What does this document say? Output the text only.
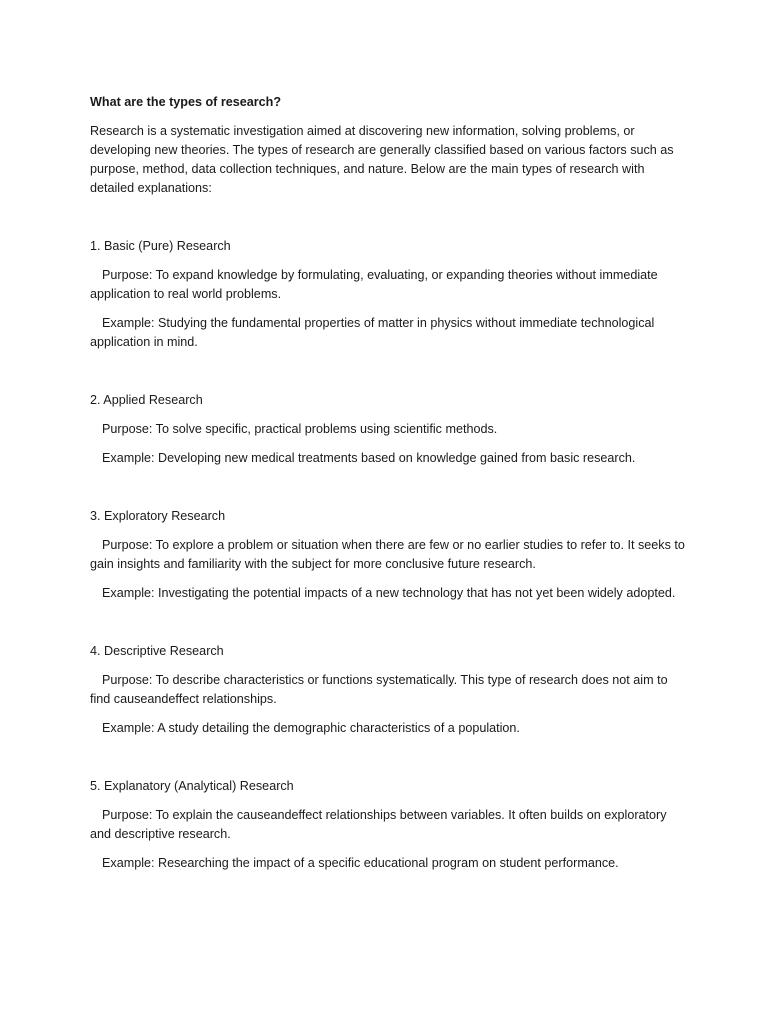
What are the types of research?

Research is a systematic investigation aimed at discovering new information, solving problems, or developing new theories. The types of research are generally classified based on various factors such as purpose, method, data collection techniques, and nature. Below are the main types of research with detailed explanations:

1. Basic (Pure) Research

Purpose: To expand knowledge by formulating, evaluating, or expanding theories without immediate application to real world problems.

Example: Studying the fundamental properties of matter in physics without immediate technological application in mind.

2. Applied Research

Purpose: To solve specific, practical problems using scientific methods.

Example: Developing new medical treatments based on knowledge gained from basic research.

3. Exploratory Research

Purpose: To explore a problem or situation when there are few or no earlier studies to refer to. It seeks to gain insights and familiarity with the subject for more conclusive future research.

Example: Investigating the potential impacts of a new technology that has not yet been widely adopted.

4. Descriptive Research

Purpose: To describe characteristics or functions systematically. This type of research does not aim to find causeandeffect relationships.

Example: A study detailing the demographic characteristics of a population.

5. Explanatory (Analytical) Research

Purpose: To explain the causeandeffect relationships between variables. It often builds on exploratory and descriptive research.

Example: Researching the impact of a specific educational program on student performance.
